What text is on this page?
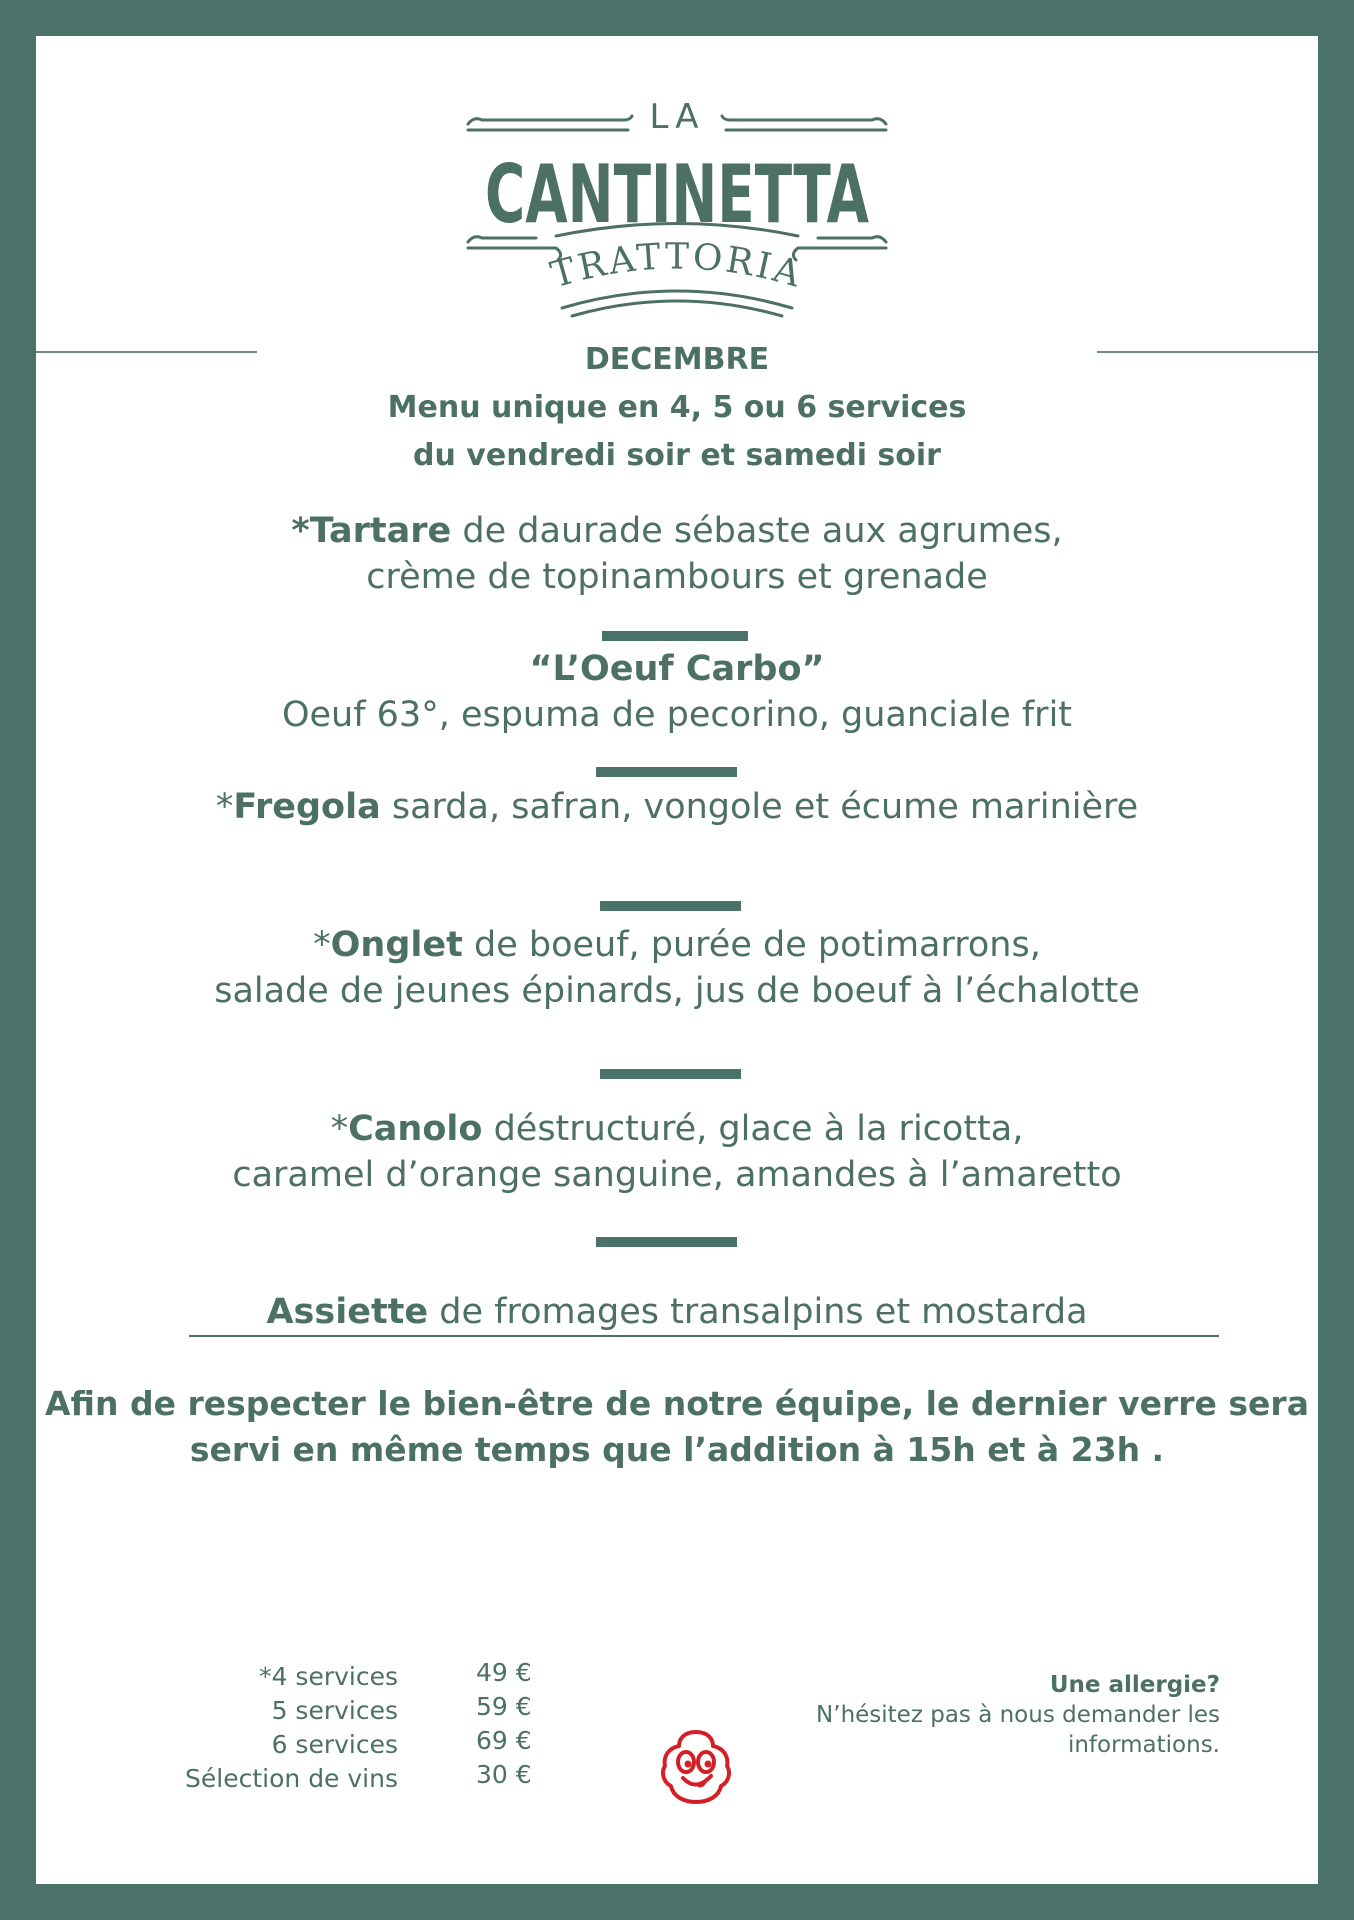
LA
CANTINETTA
TRATTORIA
DECEMBRE
Menu unique en 4, 5 ou 6 services
du vendredi soir et samedi soir
*Tartare de daurade sébaste aux agrumes,
crème de topinambours et grenade
“L’Oeuf Carbo”
Oeuf 63°, espuma de pecorino, guanciale frit
*Fregola sarda, safran, vongole et écume marinière
*Onglet de boeuf, purée de potimarrons,
salade de jeunes épinards, jus de boeuf à l’échalotte
*Canolo déstructuré, glace à la ricotta,
caramel d’orange sanguine, amandes à l’amaretto
Assiette de fromages transalpins et mostarda
Afin de respecter le bien-être de notre équipe, le dernier verre sera
servi en même temps que l’addition à 15h et à 23h .
*4 services
5 services
6 services
Sélection de vins
49 €
59 €
69 €
30 €
Une allergie?
N’hésitez pas à nous demander les
informations.
